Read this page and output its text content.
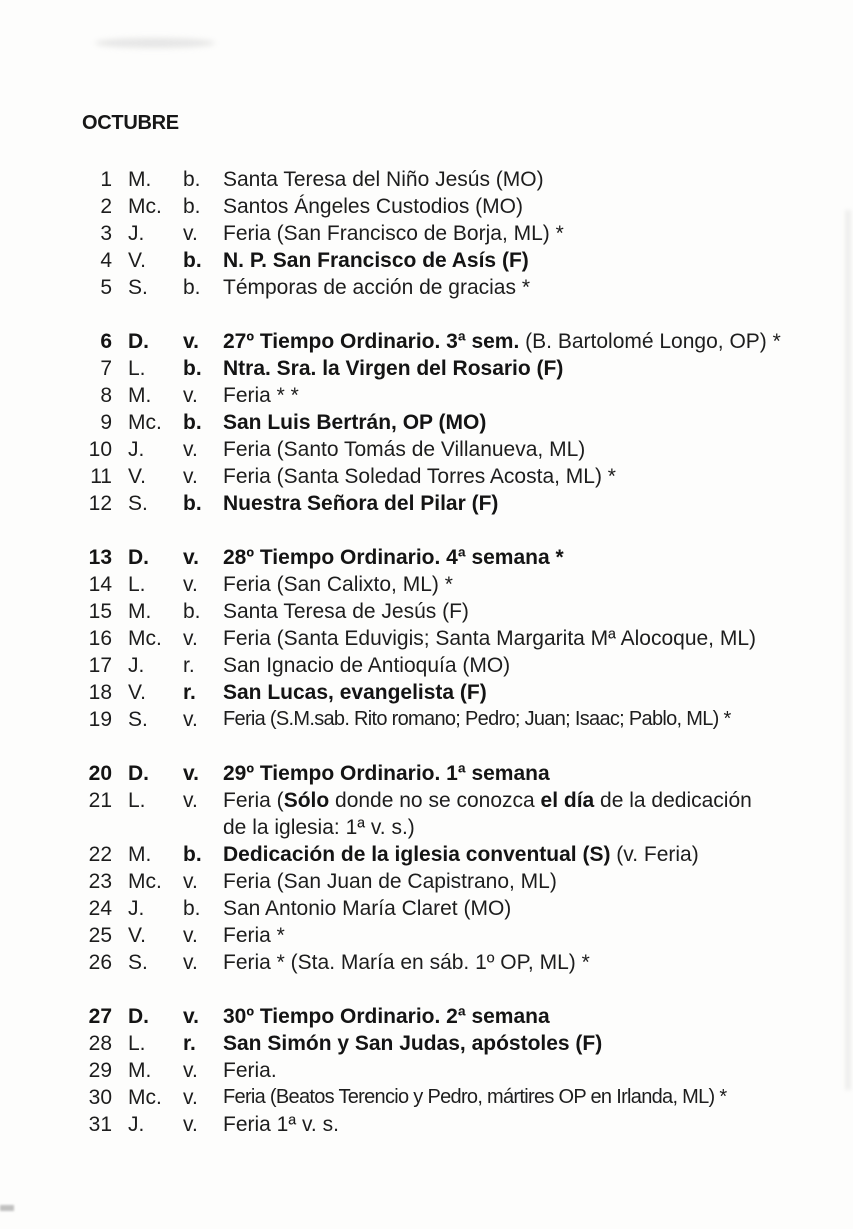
OCTUBRE
1 M.	b.	Santa Teresa del Niño Jesús (MO)
2 Mc.	b.	Santos Ángeles Custodios (MO)
3 J.	v.	Feria (San Francisco de Borja, ML) *
4 V.	b.	N. P. San Francisco de Asís (F)
5 S.	b.	Témporas de acción de gracias *
6 D.	v.	27º Tiempo Ordinario. 3ª sem. (B. Bartolomé Longo, OP) *
7 L.	b.	Ntra. Sra. la Virgen del Rosario (F)
8 M.	v.	Feria * *
9 Mc.	b.	San Luis Bertrán, OP (MO)
10 J.	v.	Feria (Santo Tomás de Villanueva, ML)
11 V.	v.	Feria (Santa Soledad Torres Acosta, ML) *
12 S.	b.	Nuestra Señora del Pilar (F)
13 D.	v.	28º Tiempo Ordinario. 4ª semana *
14 L.	v.	Feria (San Calixto, ML) *
15 M.	b.	Santa Teresa de Jesús (F)
16 Mc.	v.	Feria (Santa Eduvigis; Santa Margarita Mª Alocoque, ML)
17 J.	r.	San Ignacio de Antioquía (MO)
18 V.	r.	San Lucas, evangelista (F)
19 S.	v.	Feria (S.M.sab. Rito romano; Pedro; Juan; Isaac; Pablo, ML) *
20 D.	v.	29º Tiempo Ordinario. 1ª semana
21 L.	v.	Feria (Sólo donde no se conozca el día de la dedicación
de la iglesia: 1ª v. s.)
22 M.	b.	Dedicación de la iglesia conventual (S) (v. Feria)
23 Mc.	v.	Feria (San Juan de Capistrano, ML)
24 J.	b.	San Antonio María Claret (MO)
25 V.	v.	Feria *
26 S.	v.	Feria * (Sta. María en sáb. 1º OP, ML) *
27 D.	v.	30º Tiempo Ordinario. 2ª semana
28 L.	r.	San Simón y San Judas, apóstoles (F)
29 M.	v.	Feria.
30 Mc.	v.	Feria (Beatos Terencio y Pedro, mártires OP en Irlanda, ML) *
31 J.	v.	Feria 1ª v. s.
